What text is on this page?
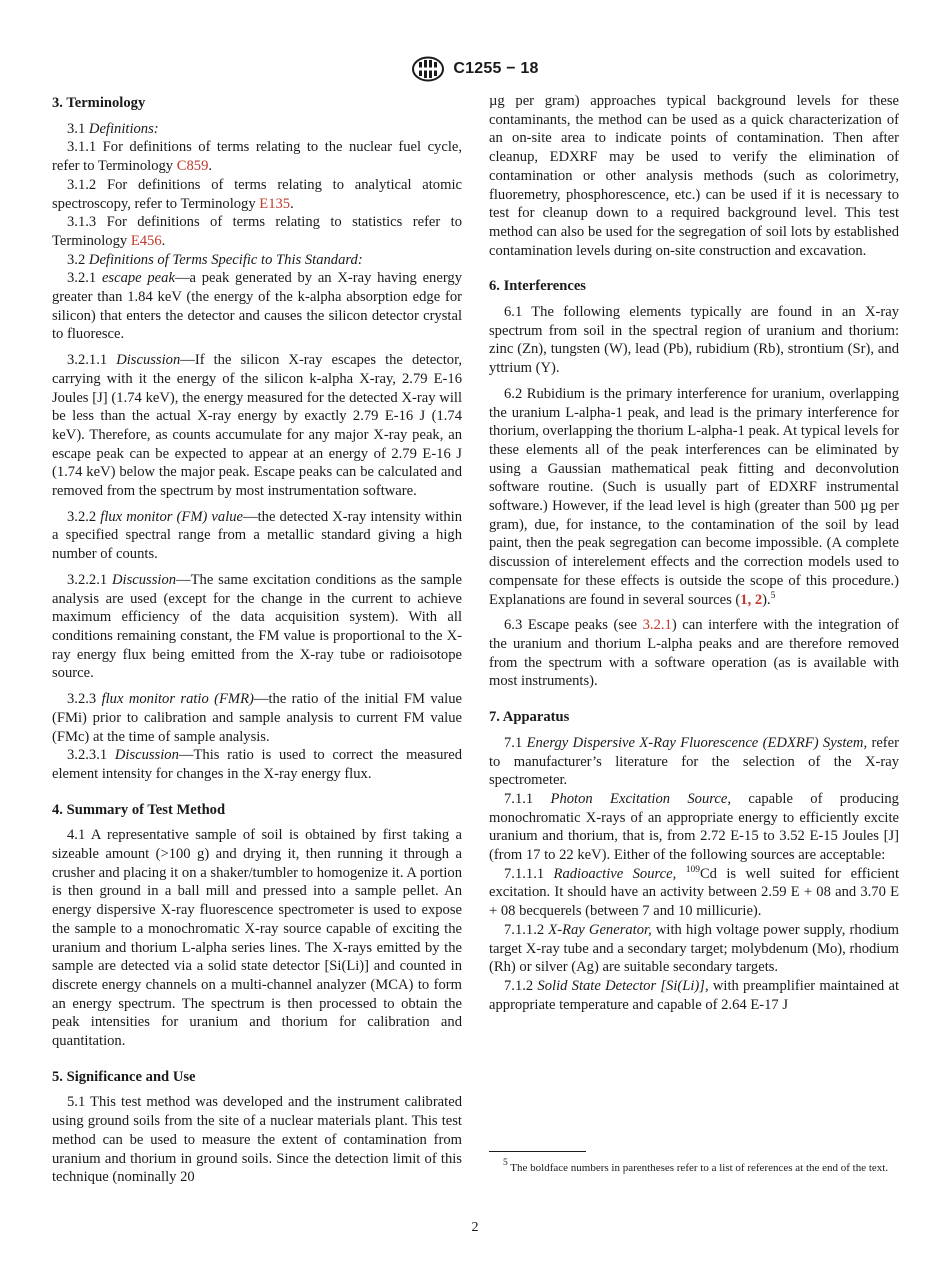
C1255 − 18
3. Terminology

3.1 Definitions:

3.1.1 For definitions of terms relating to the nuclear fuel cycle, refer to Terminology C859.

3.1.2 For definitions of terms relating to analytical atomic spectroscopy, refer to Terminology E135.

3.1.3 For definitions of terms relating to statistics refer to Terminology E456.

3.2 Definitions of Terms Specific to This Standard:

3.2.1 escape peak—a peak generated by an X-ray having energy greater than 1.84 keV (the energy of the k-alpha absorption edge for silicon) that enters the detector and causes the silicon detector crystal to fluoresce.

3.2.1.1 Discussion—If the silicon X-ray escapes the detector, carrying with it the energy of the silicon k-alpha X-ray, 2.79 E-16 Joules [J] (1.74 keV), the energy measured for the detected X-ray will be less than the actual X-ray energy by exactly 2.79 E-16 J (1.74 keV). Therefore, as counts accumulate for any major X-ray peak, an escape peak can be expected to appear at an energy of 2.79 E-16 J (1.74 keV) below the major peak. Escape peaks can be calculated and removed from the spectrum by most instrumentation software.

3.2.2 flux monitor (FM) value—the detected X-ray intensity within a specified spectral range from a metallic standard giving a high number of counts.

3.2.2.1 Discussion—The same excitation conditions as the sample analysis are used (except for the change in the current to achieve maximum efficiency of the data acquisition system). With all conditions remaining constant, the FM value is proportional to the X-ray energy flux being emitted from the X-ray tube or radioisotope source.

3.2.3 flux monitor ratio (FMR)—the ratio of the initial FM value (FMi) prior to calibration and sample analysis to current FM value (FMc) at the time of sample analysis.

3.2.3.1 Discussion—This ratio is used to correct the measured element intensity for changes in the X-ray energy flux.

4. Summary of Test Method

4.1 A representative sample of soil is obtained by first taking a sizeable amount (>100 g) and drying it, then running it through a crusher and placing it on a shaker/tumbler to homogenize it. A portion is then ground in a ball mill and pressed into a sample pellet. An energy dispersive X-ray fluorescence spectrometer is used to expose the sample to a monochromatic X-ray source capable of exciting the uranium and thorium L-alpha series lines. The X-rays emitted by the sample are detected via a solid state detector [Si(Li)] and counted in discrete energy channels on a multi-channel analyzer (MCA) to form an energy spectrum. The spectrum is then processed to obtain the peak intensities for uranium and thorium for calibration and quantitation.

5. Significance and Use

5.1 This test method was developed and the instrument calibrated using ground soils from the site of a nuclear materials plant. This test method can be used to measure the extent of contamination from uranium and thorium in ground soils. Since the detection limit of this technique (nominally 20

µg per gram) approaches typical background levels for these contaminants, the method can be used as a quick characterization of an on-site area to indicate points of contamination. Then after cleanup, EDXRF may be used to verify the elimination of contamination or other analysis methods (such as colorimetry, fluoremetry, phosphorescence, etc.) can be used if it is necessary to test for cleanup down to a required background level. This test method can also be used for the segregation of soil lots by established contamination levels during on-site construction and excavation.

6. Interferences

6.1 The following elements typically are found in an X-ray spectrum from soil in the spectral region of uranium and thorium: zinc (Zn), tungsten (W), lead (Pb), rubidium (Rb), strontium (Sr), and yttrium (Y).

6.2 Rubidium is the primary interference for uranium, overlapping the uranium L-alpha-1 peak, and lead is the primary interference for thorium, overlapping the thorium L-alpha-1 peak. At typical levels for these elements all of the peak interferences can be eliminated by using a Gaussian mathematical peak fitting and deconvolution software routine. (Such is usually part of EDXRF instrumental software.) However, if the lead level is high (greater than 500 µg per gram), due, for instance, to the contamination of the soil by lead paint, then the peak segregation can become impossible. (A complete discussion of interelement effects and the correction models used to compensate for these effects is outside the scope of this procedure.) Explanations are found in several sources (1, 2).$^5$

6.3 Escape peaks (see 3.2.1) can interfere with the integration of the uranium and thorium L-alpha peaks and are therefore removed from the spectrum with a software operation (as is available with most instruments).

7. Apparatus

7.1 Energy Dispersive X-Ray Fluorescence (EDXRF) System, refer to manufacturer’s literature for the selection of the X-ray spectrometer.

7.1.1 Photon Excitation Source, capable of producing monochromatic X-rays of an appropriate energy to efficiently excite uranium and thorium, that is, from 2.72 E-15 to 3.52 E-15 Joules [J] (from 17 to 22 keV). Either of the following sources are acceptable:

7.1.1.1 Radioactive Source, $^{109}$Cd is well suited for efficient excitation. It should have an activity between 2.59 E + 08 and 3.70 E + 08 becquerels (between 7 and 10 millicurie).

7.1.1.2 X-Ray Generator, with high voltage power supply, rhodium target X-ray tube and a secondary target; molybdenum (Mo), rhodium (Rh) or silver (Ag) are suitable secondary targets.

7.1.2 Solid State Detector [Si(Li)], with preamplifier maintained at appropriate temperature and capable of 2.64 E-17 J

$^5$ The boldface numbers in parentheses refer to a list of references at the end of the text.
2
